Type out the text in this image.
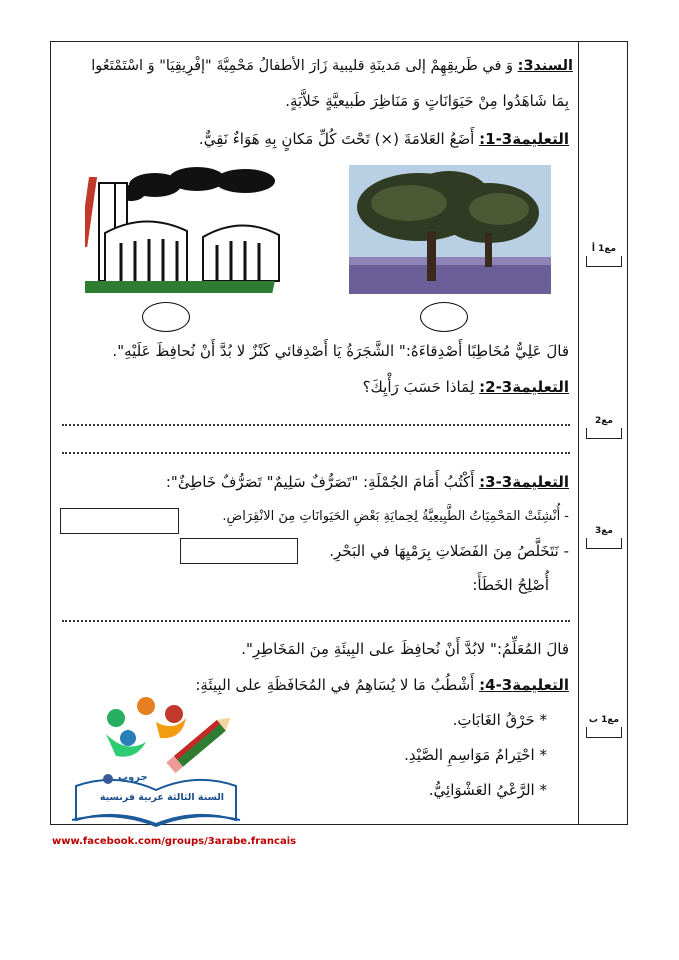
السند3: وَ في طَريقِهِمْ إلى مَدينَةِ قليبية زَارَ الأطفالُ مَحْمِيَّةَ "إفْرِيقِيَا" وَ اسْتَمْتَعُوا
بِمَا شَاهَدُوا مِنْ حَيَوَانَاتٍ وَ مَنَاظِرَ طَبيعيَّةٍ خَلاَّبَةٍ.
التعليمة3-1: أَضَعُ العَلامَةَ (×) تَحْتَ كُلِّ مَكانٍ بِهِ هَوَاءٌ نَقِيٌّ.
قالَ عَلِيٌّ مُخَاطِبًا أَصْدِقاءَهُ:" الشَّجَرَةُ يَا أَصْدِقائي كَنْزٌ لا بُدَّ أَنْ نُحافِظَ عَلَيْهِ".
التعليمة3-2: لِمَاذا حَسَبَ رَأْيِكَ؟
التعليمة3-3: أَكْتُبُ أَمَامَ الجُمْلَةِ: "تَصَرُّفٌ سَلِيمٌ" تَصَرُّفٌ خَاطِئٌ":
- أُنْشِئَتْ المَحْمِيَاتُ الطَّبِيعِيَّةُ لِحِمايَةِ بَعْضِ الحَيَوانَاتِ مِنَ الانْقِرَاضِ.
- نَتَخَلَّصُ مِنَ الفَضَلاتِ بِرَمْيِهَا في البَحْرِ.
أُصْلِحُ الخَطَأَ:
قالَ المُعَلِّمُ:" لابُدَّ أَنْ نُحافِظَ على البِيئَةِ مِنَ المَخَاطِرِ".
التعليمة3-4: أَشْطُبُ مَا لا يُسَاهِمُ في المُحَافَظَةِ على البِيئَةِ:
* حَرْقُ الغَابَاتِ.
* احْتِرامُ مَوَاسِمِ الصَّيْدِ.
* الرَّعْيُ العَشْوَائِيُّ.
مع1 أ
مع2
مع3
مع1 ب
جروب
السنة الثالثة عربية فرنسية
www.facebook.com/groups/3arabe.francais
